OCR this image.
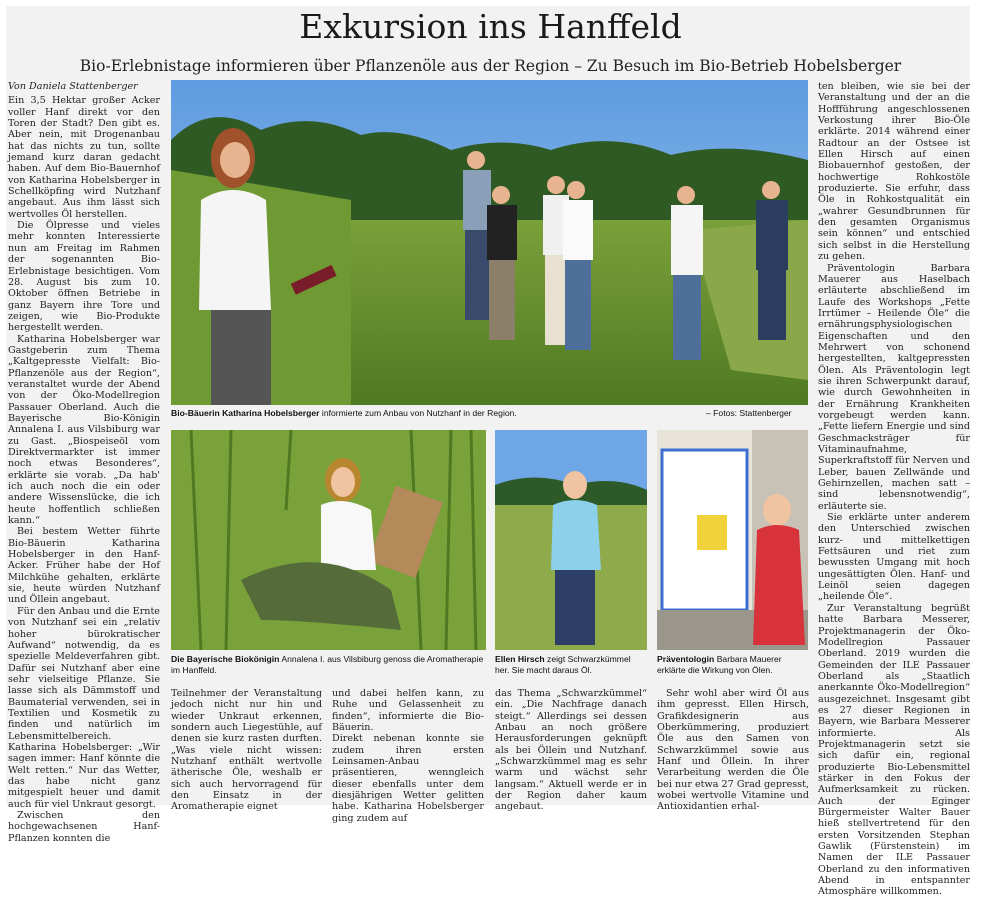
Exkursion ins Hanffeld
Bio-Erlebnistage informieren über Pflanzenöle aus der Region – Zu Besuch im Bio-Betrieb Hobelsberger

Von Daniela Stattenberger

Ein 3,5 Hektar großer Acker voller Hanf direkt vor den Toren der Stadt? Den gibt es. Aber nein, mit Drogenanbau hat das nichts zu tun, sollte jemand kurz daran gedacht haben. Auf dem Bio-Bauernhof von Katharina Hobelsberger in Schellköpfing wird Nutzhanf angebaut. Aus ihm lässt sich wertvolles Öl herstellen.

Die Ölpresse und vieles mehr konnten Interessierte nun am Freitag im Rahmen der sogenannten Bio-Erlebnistage besichtigen. Vom 28. August bis zum 10. Oktober öffnen Betriebe in ganz Bayern ihre Tore und zeigen, wie Bio-Produkte hergestellt werden.

Katharina Hobelsberger war Gastgeberin zum Thema „Kaltgepresste Vielfalt: Bio-Pflanzenöle aus der Region“, veranstaltet wurde der Abend von der Öko-Modellregion Passauer Oberland. Auch die Bayerische Bio-Königin Annalena I. aus Vilsbiburg war zu Gast. „Biospeiseöl vom Direktvermarkter ist immer noch etwas Besonderes“, erklärte sie vorab. „Da hab' ich auch noch die ein oder andere Wissenslücke, die ich heute hoffentlich schließen kann.“

Bei bestem Wetter führte Bio-Bäuerin Katharina Hobelsberger in den Hanf-Acker. Früher habe der Hof Milchkühe gehalten, erklärte sie, heute würden Nutzhanf und Öllein angebaut.

Für den Anbau und die Ernte von Nutzhanf sei ein „relativ hoher bürokratischer Aufwand“ notwendig, da es spezielle Meldeverfahren gibt. Dafür sei Nutzhanf aber eine sehr vielseitige Pflanze. Sie lasse sich als Dämmstoff und Baumaterial verwenden, sei in Textilien und Kosmetik zu finden und natürlich im Lebensmittelbereich. Katharina Hobelsberger: „Wir sagen immer: Hanf könnte die Welt retten.“ Nur das Wetter, das habe nicht ganz mitgespielt heuer und damit auch für viel Unkraut gesorgt.

Zwischen den hochgewachsenen Hanf-Pflanzen konnten die

Bio-Bäuerin Katharina Hobelsberger informierte zum Anbau von Nutzhanf in der Region.	– Fotos: Stattenberger
Die Bayerische Biokönigin Annalena I. aus Vilsbiburg genoss die Aromatherapie im Hanffeld.
Ellen Hirsch zeigt Schwarzkümmel her. Sie macht daraus Öl.
Präventologin Barbara Mauerer erklärte die Wirkung von Ölen.

Teilnehmer der Veranstaltung jedoch nicht nur hin und wieder Unkraut erkennen, sondern auch Liegestühle, auf denen sie kurz rasten durften. „Was viele nicht wissen: Nutzhanf enthält wertvolle ätherische Öle, weshalb er sich auch hervorragend für den Einsatz in der Aromatherapie eignet

und dabei helfen kann, zu Ruhe und Gelassenheit zu finden“, informierte die Bio-Bäuerin.
Direkt nebenan konnte sie zudem ihren ersten Leinsamen-Anbau präsentieren, wenngleich dieser ebenfalls unter dem diesjährigen Wetter gelitten habe. Katharina Hobelsberger ging zudem auf

das Thema „Schwarzkümmel“ ein. „Die Nachfrage danach steigt.“ Allerdings sei dessen Anbau an noch größere Herausforderungen geknüpft als bei Öllein und Nutzhanf. „Schwarzkümmel mag es sehr warm und wächst sehr langsam.“ Aktuell werde er in der Region daher kaum angebaut.

Sehr wohl aber wird Öl aus ihm gepresst. Ellen Hirsch, Grafikdesignerin aus Oberkümmering, produziert Öle aus den Samen von Schwarzkümmel sowie aus Hanf und Öllein. In ihrer Verarbeitung werden die Öle bei nur etwa 27 Grad gepresst, wobei wertvolle Vitamine und Antioxidantien erhal-

ten bleiben, wie sie bei der Veranstaltung und der an die Hoffführung angeschlossenen Verkostung ihrer Bio-Öle erklärte. 2014 während einer Radtour an der Ostsee ist Ellen Hirsch auf einen Biobauernhof gestoßen, der hochwertige Rohkostöle produzierte. Sie erfuhr, dass Öle in Rohkostqualität ein „wahrer Gesundbrunnen für den gesamten Organismus sein können“ und entschied sich selbst in die Herstellung zu gehen.

Präventologin Barbara Mauerer aus Haselbach erläuterte abschließend im Laufe des Workshops „Fette Irrtümer – Heilende Öle“ die ernährungsphysiologischen Eigenschaften und den Mehrwert von schonend hergestellten, kaltgepressten Ölen. Als Präventologin legt sie ihren Schwerpunkt darauf, wie durch Gewohnheiten in der Ernährung Krankheiten vorgebeugt werden kann. „Fette liefern Energie und sind Geschmacksträger für Vitaminaufnahme, Superkraftstoff für Nerven und Leber, bauen Zellwände und Gehirnzellen, machen satt – sind lebensnotwendig“, erläuterte sie.

Sie erklärte unter anderem den Unterschied zwischen kurz- und mittelkettigen Fettsäuren und riet zum bewussten Umgang mit hoch ungesättigten Ölen. Hanf- und Leinöl seien dagegen „heilende Öle“.

Zur Veranstaltung begrüßt hatte Barbara Messerer, Projektmanagerin der Öko-Modellregion Passauer Oberland. 2019 wurden die Gemeinden der ILE Passauer Oberland als „Staatlich anerkannte Öko-Modellregion“ ausgezeichnet. Insgesamt gibt es 27 dieser Regionen in Bayern, wie Barbara Messerer informierte. Als Projektmanagerin setzt sie sich dafür ein, regional produzierte Bio-Lebensmittel stärker in den Fokus der Aufmerksamkeit zu rücken. Auch der Eginger Bürgermeister Walter Bauer hieß stellvertretend für den ersten Vorsitzenden Stephan Gawlik (Fürstenstein) im Namen der ILE Passauer Oberland zu den informativen Abend in entspannter Atmosphäre willkommen.
